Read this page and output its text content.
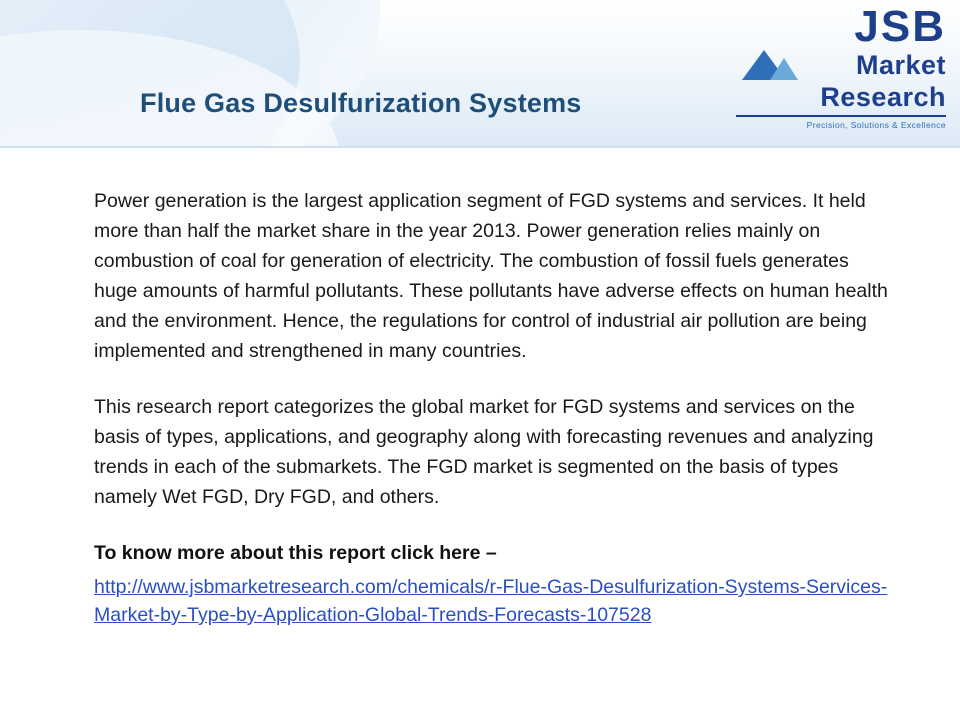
Flue Gas Desulfurization Systems
JSB
Market
Research
Precision, Solutions & Excellence

Power generation is the largest application segment of FGD systems and services. It held more than half the market share in the year 2013. Power generation relies mainly on combustion of coal for generation of electricity. The combustion of fossil fuels generates huge amounts of harmful pollutants. These pollutants have adverse effects on human health and the environment. Hence, the regulations for control of industrial air pollution are being implemented and strengthened in many countries.

This research report categorizes the global market for FGD systems and services on the basis of types, applications, and geography along with forecasting revenues and analyzing trends in each of the submarkets. The FGD market is segmented on the basis of types namely Wet FGD, Dry FGD, and others.

To know more about this report click here –

http://www.jsbmarketresearch.com/chemicals/r-Flue-Gas-Desulfurization-Systems-Services-Market-by-Type-by-Application-Global-Trends-Forecasts-107528
